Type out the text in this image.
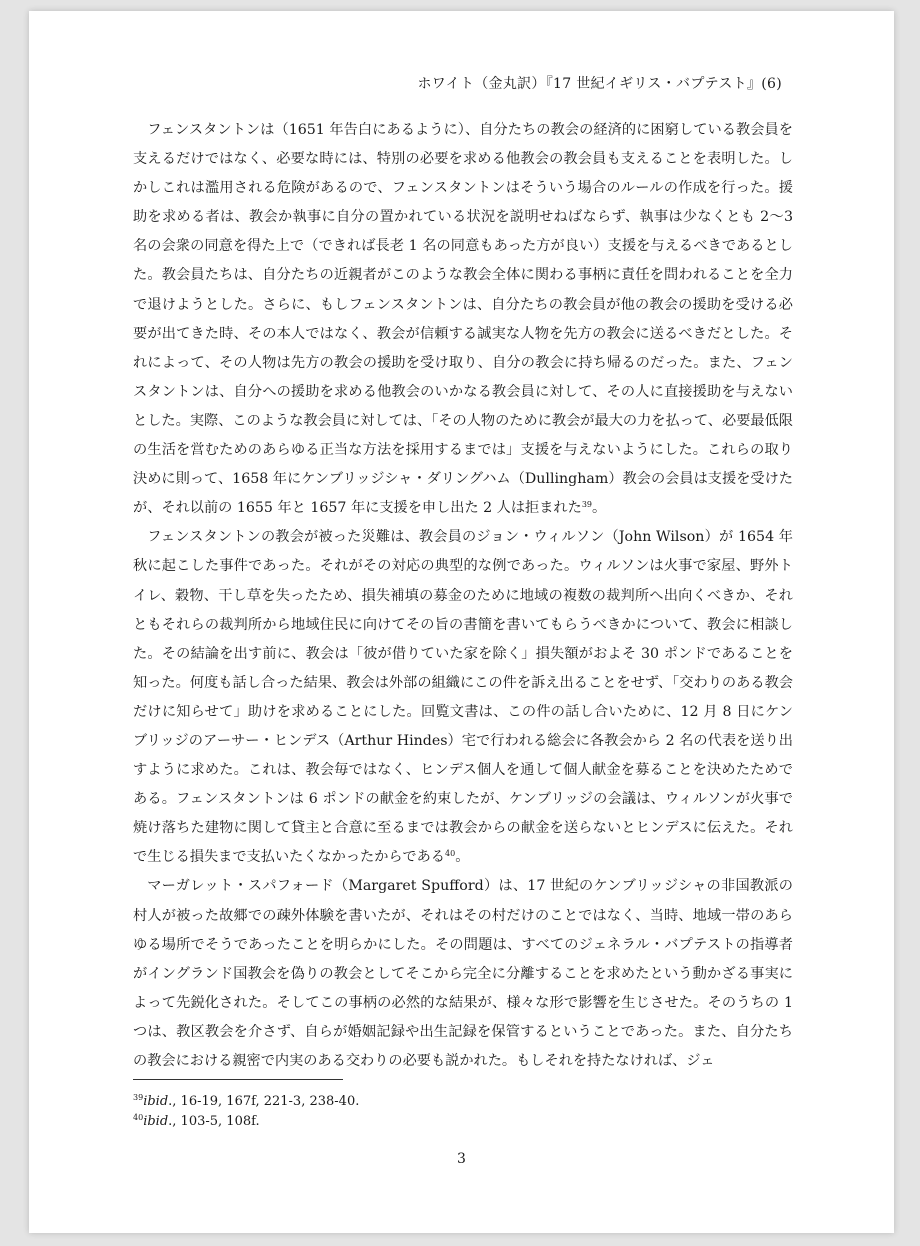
ホワイト（金丸訳）『17 世紀イギリス・バプテスト』(6)

フェンスタントンは（1651 年告白にあるように）、自分たちの教会の経済的に困窮している教会員を支えるだけではなく、必要な時には、特別の必要を求める他教会の教会員も支えることを表明した。しかしこれは濫用される危険があるので、フェンスタントンはそういう場合のルールの作成を行った。援助を求める者は、教会か執事に自分の置かれている状況を説明せねばならず、執事は少なくとも 2〜3 名の会衆の同意を得た上で（できれば長老 1 名の同意もあった方が良い）支援を与えるべきであるとした。教会員たちは、自分たちの近親者がこのような教会全体に関わる事柄に責任を問われることを全力で退けようとした。さらに、もしフェンスタントンは、自分たちの教会員が他の教会の援助を受ける必要が出てきた時、その本人ではなく、教会が信頼する誠実な人物を先方の教会に送るべきだとした。それによって、その人物は先方の教会の援助を受け取り、自分の教会に持ち帰るのだった。また、フェンスタントンは、自分への援助を求める他教会のいかなる教会員に対して、その人に直接援助を与えないとした。実際、このような教会員に対しては、「その人物のために教会が最大の力を払って、必要最低限の生活を営むためのあらゆる正当な方法を採用するまでは」支援を与えないようにした。これらの取り決めに則って、1658 年にケンブリッジシャ・ダリングハム（Dullingham）教会の会員は支援を受けたが、それ以前の 1655 年と 1657 年に支援を申し出た 2 人は拒まれた$^{39}$。

フェンスタントンの教会が被った災難は、教会員のジョン・ウィルソン（John Wilson）が 1654 年秋に起こした事件であった。それがその対応の典型的な例であった。ウィルソンは火事で家屋、野外トイレ、穀物、干し草を失ったため、損失補填の募金のために地域の複数の裁判所へ出向くべきか、それともそれらの裁判所から地域住民に向けてその旨の書簡を書いてもらうべきかについて、教会に相談した。その結論を出す前に、教会は「彼が借りていた家を除く」損失額がおよそ 30 ポンドであることを知った。何度も話し合った結果、教会は外部の組織にこの件を訴え出ることをせず、「交わりのある教会だけに知らせて」助けを求めることにした。回覧文書は、この件の話し合いために、12 月 8 日にケンブリッジのアーサー・ヒンデス（Arthur Hindes）宅で行われる総会に各教会から 2 名の代表を送り出すように求めた。これは、教会毎ではなく、ヒンデス個人を通して個人献金を募ることを決めたためである。フェンスタントンは 6 ポンドの献金を約束したが、ケンブリッジの会議は、ウィルソンが火事で焼け落ちた建物に関して貸主と合意に至るまでは教会からの献金を送らないとヒンデスに伝えた。それで生じる損失まで支払いたくなかったからである$^{40}$。

マーガレット・スパフォード（Margaret Spufford）は、17 世紀のケンブリッジシャの非国教派の村人が被った故郷での疎外体験を書いたが、それはその村だけのことではなく、当時、地域一帯のあらゆる場所でそうであったことを明らかにした。その問題は、すべてのジェネラル・バプテストの指導者がイングランド国教会を偽りの教会としてそこから完全に分離することを求めたという動かざる事実によって先鋭化された。そしてこの事柄の必然的な結果が、様々な形で影響を生じさせた。そのうちの 1 つは、教区教会を介さず、自らが婚姻記録や出生記録を保管するということであった。また、自分たちの教会における親密で内実のある交わりの必要も説かれた。もしそれを持たなければ、ジェ

$^{39}$ibid., 16-19, 167f, 221-3, 238-40.
$^{40}$ibid., 103-5, 108f.
3
